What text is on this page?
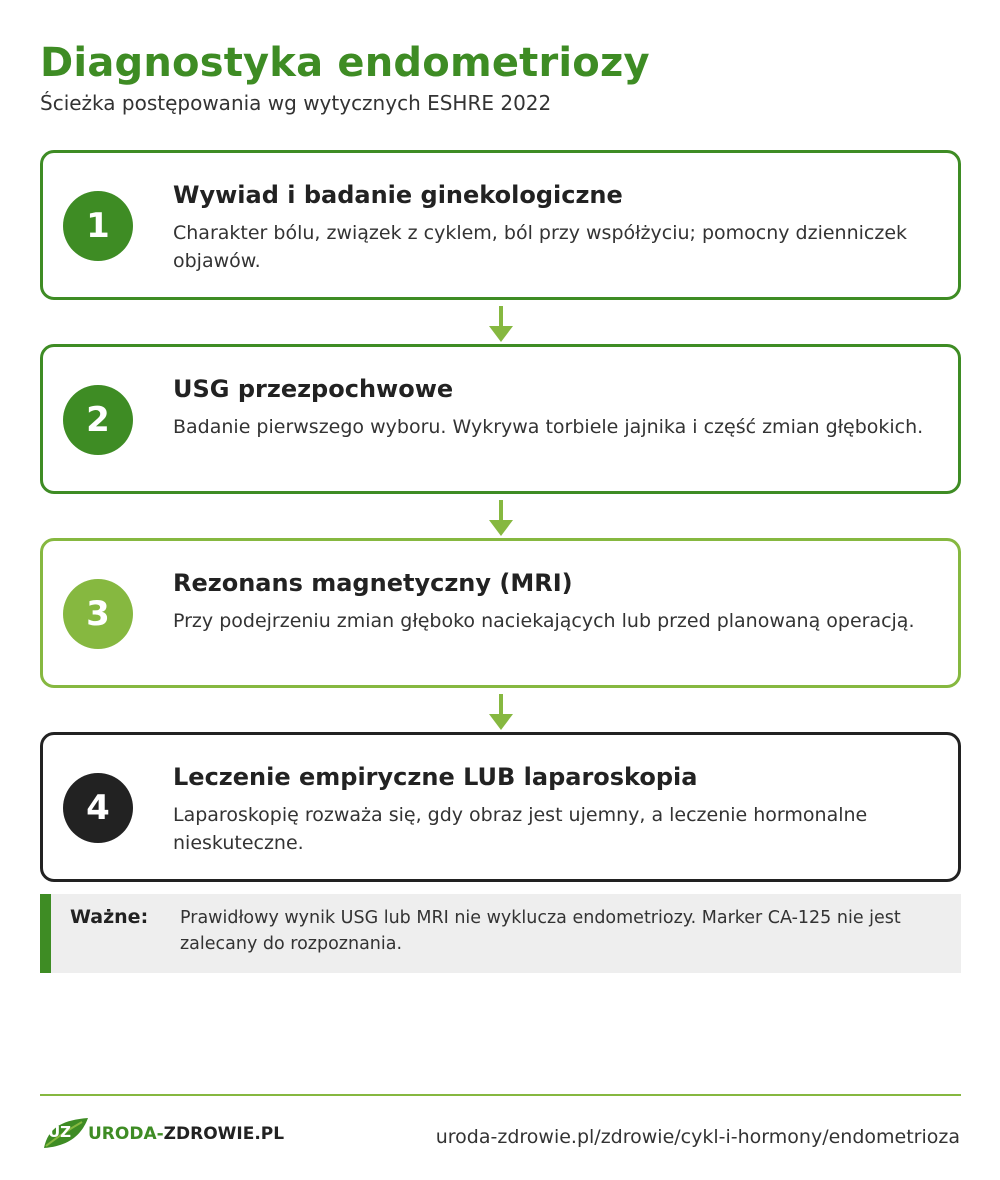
Diagnostyka endometriozy
Ścieżka postępowania wg wytycznych ESHRE 2022
1
Wywiad i badanie ginekologiczne
Charakter bólu, związek z cyklem, ból przy współżyciu; pomocny dzienniczek objawów.
2
USG przezpochwowe
Badanie pierwszego wyboru. Wykrywa torbiele jajnika i część zmian głębokich.
3
Rezonans magnetyczny (MRI)
Przy podejrzeniu zmian głęboko naciekających lub przed planowaną operacją.
4
Leczenie empiryczne LUB laparoskopia
Laparoskopię rozważa się, gdy obraz jest ujemny, a leczenie hormonalne nieskuteczne.
Ważne: Prawidłowy wynik USG lub MRI nie wyklucza endometriozy. Marker CA-125 nie jest zalecany do rozpoznania.
UZ URODA-ZDROWIE.PL	uroda-zdrowie.pl/zdrowie/cykl-i-hormony/endometrioza
